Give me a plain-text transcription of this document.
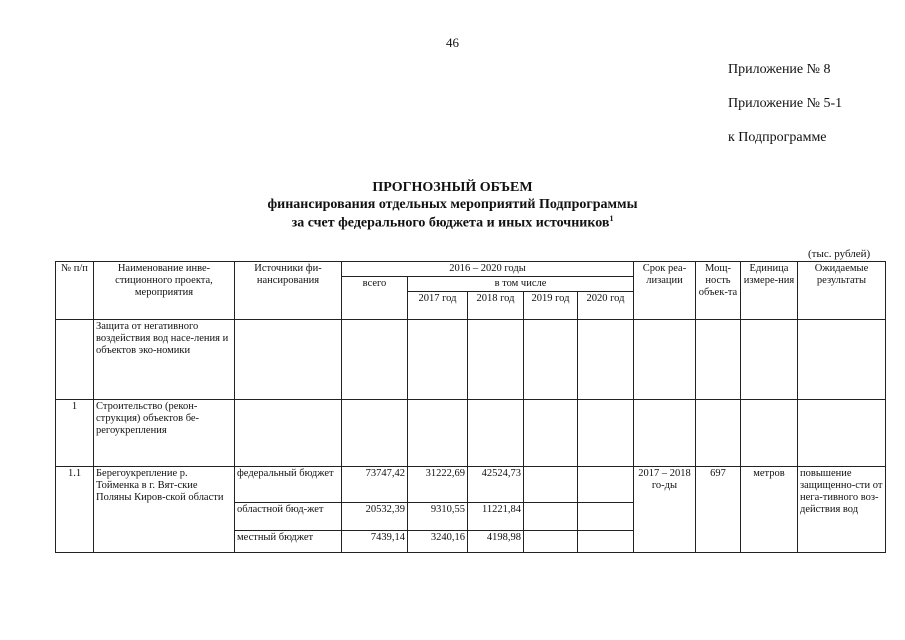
46
Приложение № 8
Приложение № 5-1
к Подпрограмме
ПРОГНОЗНЫЙ ОБЪЕМ
финансирования отдельных мероприятий Подпрограммы
за счет федерального бюджета и иных источников$^1$
(тыс. рублей)
№ п/п	Наименование инве-стиционного проекта, мероприятия	Источники фи-нансирования	2016 – 2020 годы					Срок реа-лизации	Мощ-ность объек-та	Единица измере-ния	Ожидаемые результаты
			всего	в том числе							
				2017 год	2018 год	2019 год	2020 год				
	Защита от негативного воздействия вод насе-ления и объектов эко-номики										
1	Строительство (рекон-струкция) объектов бе-регоукрепления										
1.1	Берегоукрепление р. Тойменка в г. Вят-ские Поляны Киров-ской области	федеральный бюджет	73747,42	31222,69	42524,73			2017 – 2018 го-ды	697	метров	повышение защищенно-сти от нега-тивного воз-действия вод
		областной бюд-жет	20532,39	9310,55	11221,84						
		местный бюджет	7439,14	3240,16	4198,98						
